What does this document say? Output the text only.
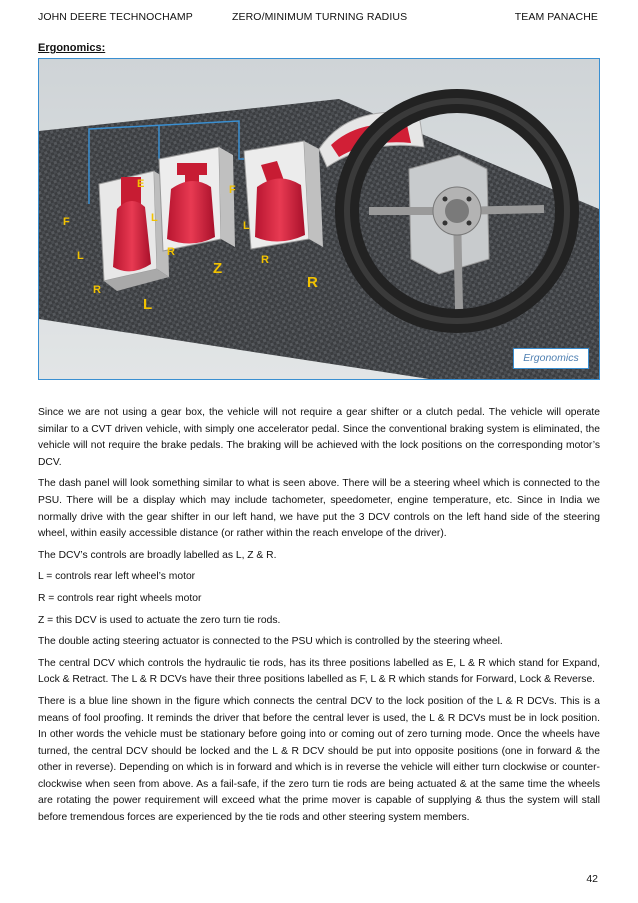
JOHN DEERE TECHNOCHAMP	ZERO/MINIMUM TURNING RADIUS	TEAM PANACHE
Ergonomics:
F
L
R
L
E
L
R
Z
F
L
R
R
Ergonomics

Since we are not using a gear box, the vehicle will not require a gear shifter or a clutch pedal. The vehicle will operate similar to a CVT driven vehicle, with simply one accelerator pedal. Since the conventional braking system is eliminated, the vehicle will not require the brake pedals. The braking will be achieved with the lock positions on the corresponding motor’s DCV.

The dash panel will look something similar to what is seen above. There will be a steering wheel which is connected to the PSU. There will be a display which may include tachometer, speedometer, engine temperature, etc. Since in India we normally drive with the gear shifter in our left hand, we have put the 3 DCV controls on the left hand side of the steering wheel, within easily accessible distance (or rather within the reach envelope of the driver).

The DCV’s controls are broadly labelled as L, Z & R.

L = controls rear left wheel’s motor

R = controls rear right wheels motor

Z = this DCV is used to actuate the zero turn tie rods.

The double acting steering actuator is connected to the PSU which is controlled by the steering wheel.

The central DCV which controls the hydraulic tie rods, has its three positions labelled as E, L & R which stand for Expand, Lock & Retract. The L & R DCVs have their three positions labelled as F, L & R which stands for Forward, Lock & Reverse.

There is a blue line shown in the figure which connects the central DCV to the lock position of the L & R DCVs. This is a means of fool proofing. It reminds the driver that before the central lever is used, the L & R DCVs must be in lock position. In other words the vehicle must be stationary before going into or coming out of zero turning mode. Once the wheels have turned, the central DCV should be locked and the L & R DCV should be put into opposite positions (one in forward & the other in reverse). Depending on which is in forward and which is in reverse the vehicle will either turn clockwise or counter-clockwise when seen from above. As a fail-safe, if the zero turn tie rods are being actuated & at the same time the wheels are rotating the power requirement will exceed what the prime mover is capable of supplying & thus the system will stall before tremendous forces are experienced by the tie rods and other steering system members.

42
